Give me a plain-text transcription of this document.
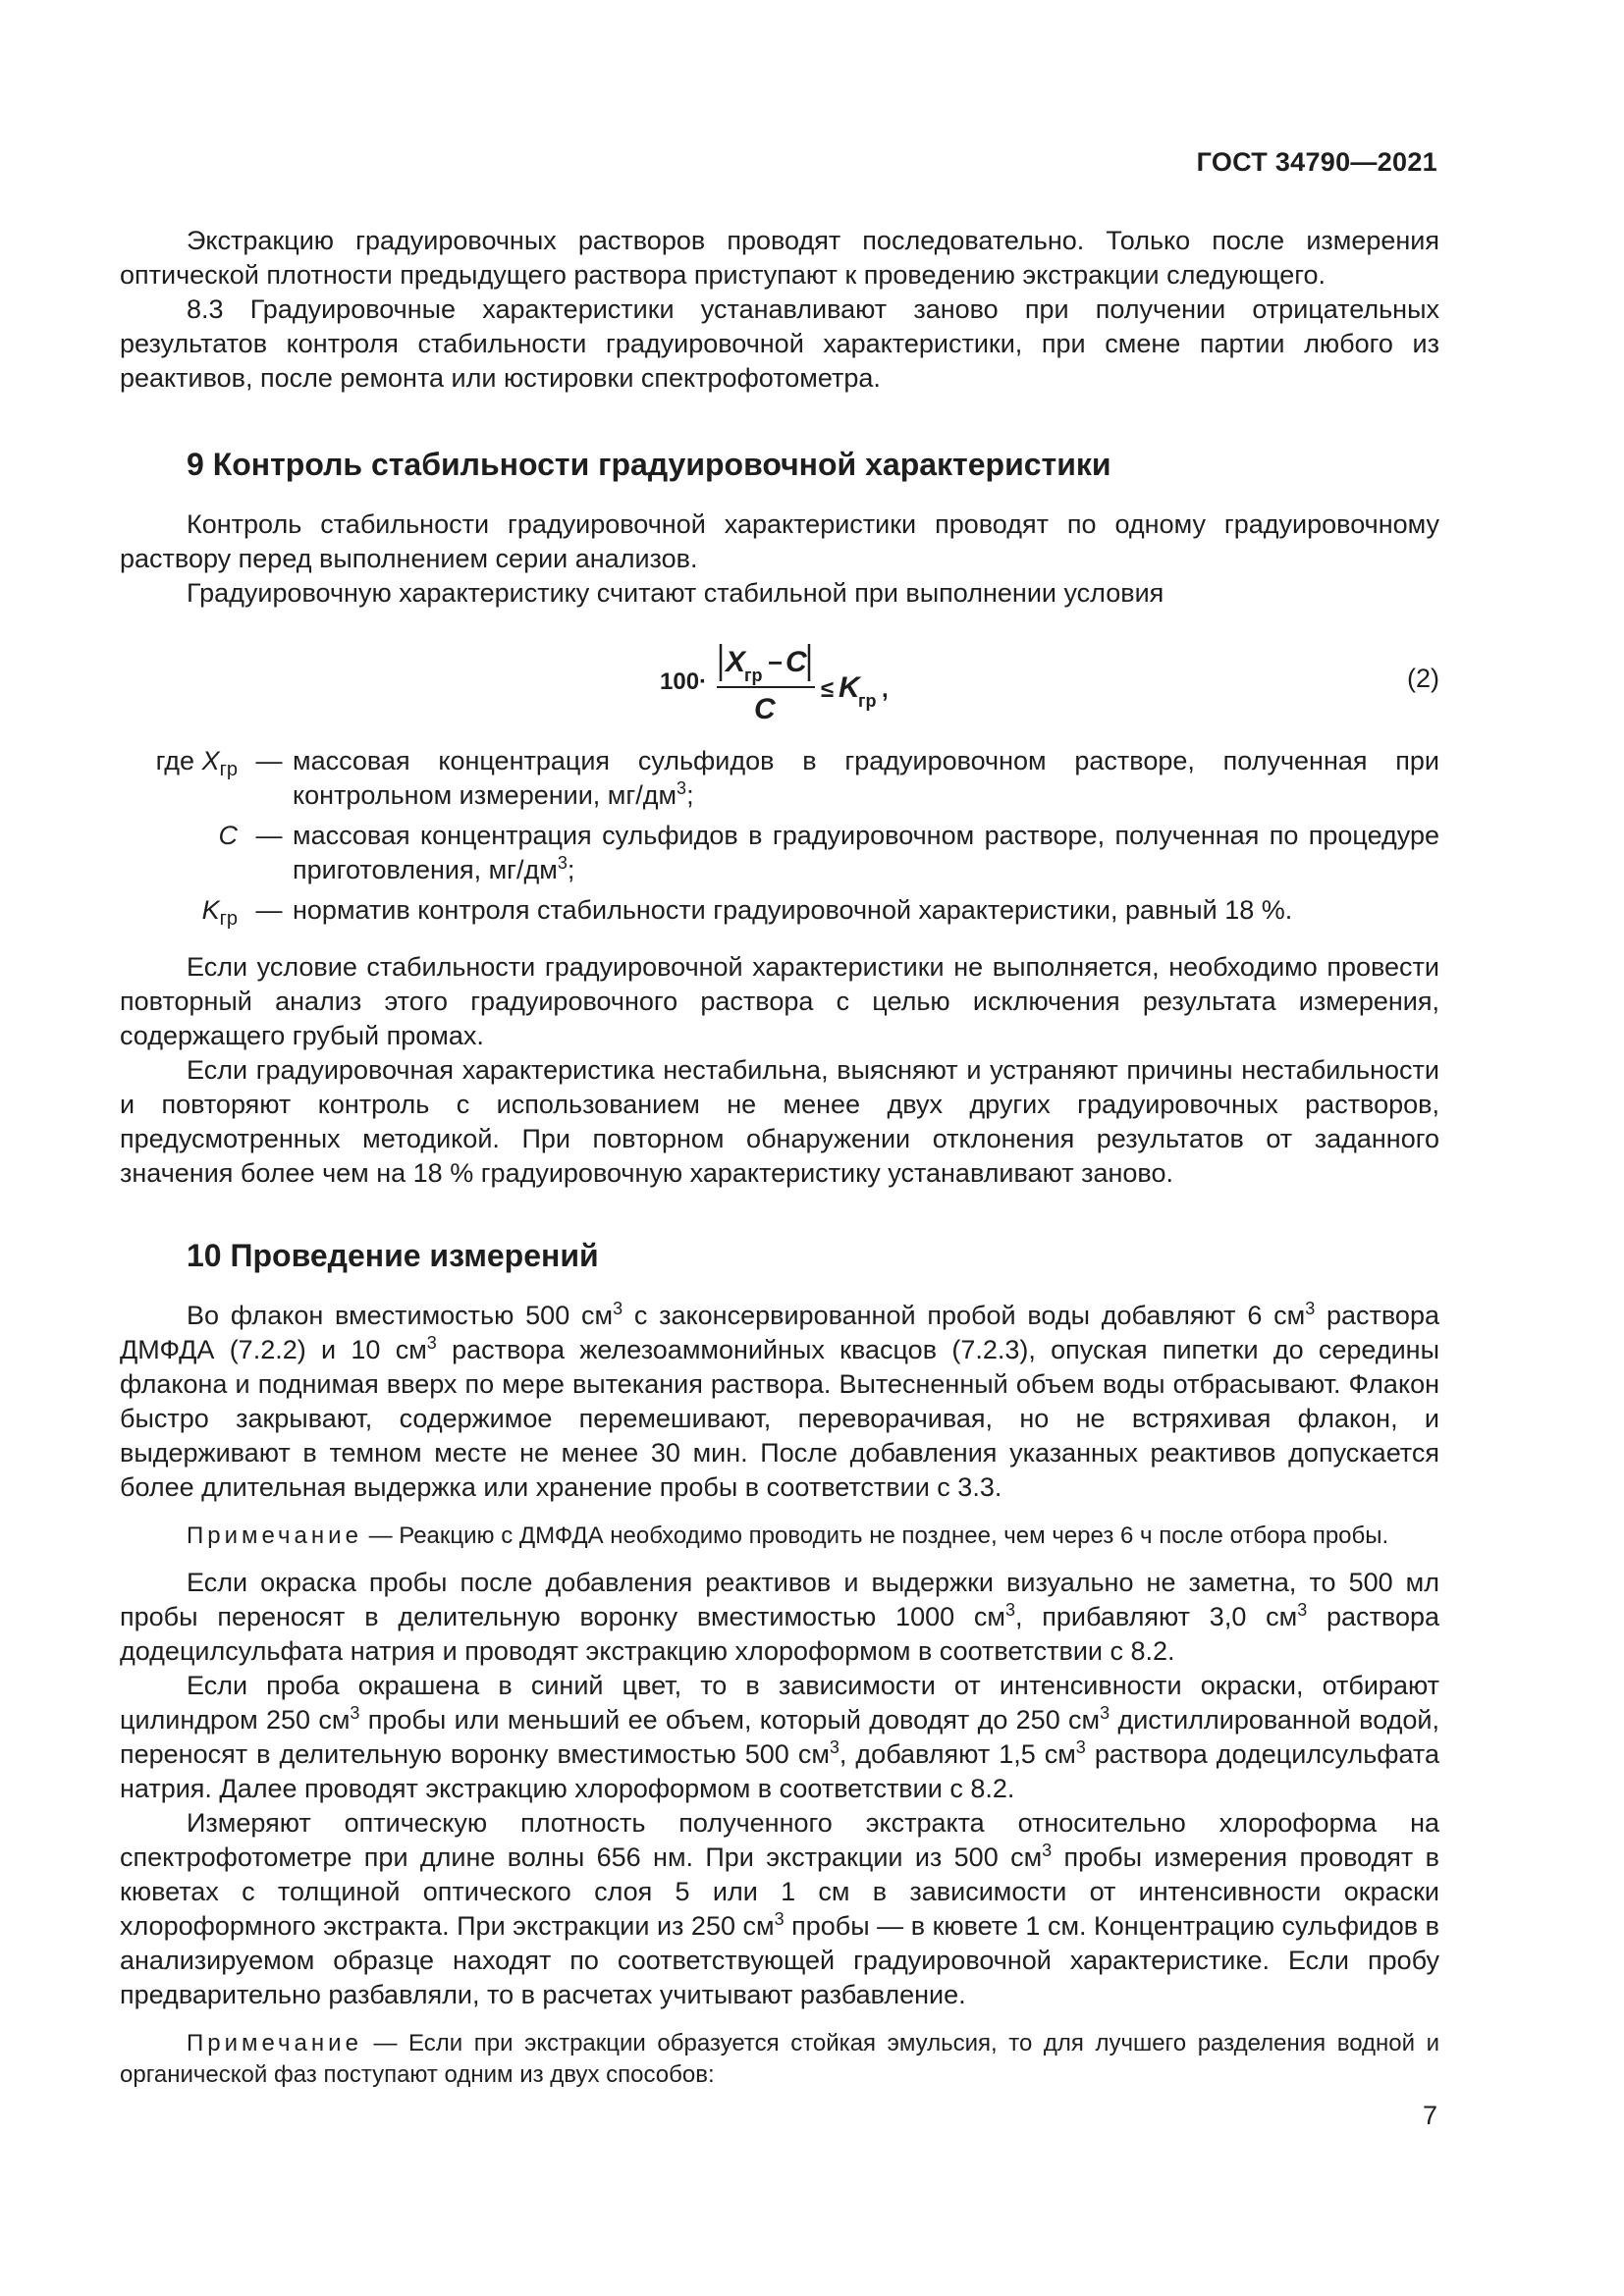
ГОСТ 34790—2021

Экстракцию градуировочных растворов проводят последовательно. Только после измерения оптической плотности предыдущего раствора приступают к проведению экстракции следующего.

8.3 Градуировочные характеристики устанавливают заново при получении отрицательных результатов контроля стабильности градуировочной характеристики, при смене партии любого из реактивов, после ремонта или юстировки спектрофотометра.

9 Контроль стабильности градуировочной характеристики

Контроль стабильности градуировочной характеристики проводят по одному градуировочному раствору перед выполнением серии анализов.

Градуировочную характеристику считают стабильной при выполнении условия

100·
X
гр − C
C
≤ K
гр ,	(2)
где $X_{гр}$ — массовая концентрация сульфидов в градуировочном растворе, полученная при контрольном измерении, $мг/дм^3$;
C — массовая концентрация сульфидов в градуировочном растворе, полученная по процедуре приготовления, $мг/дм^3$;
$K_{гр}$ — норматив контроля стабильности градуировочной характеристики, равный 18 %.

Если условие стабильности градуировочной характеристики не выполняется, необходимо провести повторный анализ этого градуировочного раствора с целью исключения результата измерения, содержащего грубый промах.

Если градуировочная характеристика нестабильна, выясняют и устраняют причины нестабильности и повторяют контроль с использованием не менее двух других градуировочных растворов, предусмотренных методикой. При повторном обнаружении отклонения результатов от заданного значения более чем на 18 % градуировочную характеристику устанавливают заново.

10 Проведение измерений

Во флакон вместимостью 500 $см^3$ с законсервированной пробой воды добавляют 6 $см^3$ раствора ДМФДА (7.2.2) и 10 $см^3$ раствора железоаммонийных квасцов (7.2.3), опуская пипетки до середины флакона и поднимая вверх по мере вытекания раствора. Вытесненный объем воды отбрасывают. Флакон быстро закрывают, содержимое перемешивают, переворачивая, но не встряхивая флакон, и выдерживают в темном месте не менее 30 мин. После добавления указанных реактивов допускается более длительная выдержка или хранение пробы в соответствии с 3.3.

Примечание — Реакцию с ДМФДА необходимо проводить не позднее, чем через 6 ч после отбора пробы.

Если окраска пробы после добавления реактивов и выдержки визуально не заметна, то 500 мл пробы переносят в делительную воронку вместимостью 1000 $см^3$, прибавляют 3,0 $см^3$ раствора додецилсульфата натрия и проводят экстракцию хлороформом в соответствии с 8.2.

Если проба окрашена в синий цвет, то в зависимости от интенсивности окраски, отбирают цилиндром 250 $см^3$ пробы или меньший ее объем, который доводят до 250 $см^3$ дистиллированной водой, переносят в делительную воронку вместимостью 500 $см^3$, добавляют 1,5 $см^3$ раствора додецилсульфата натрия. Далее проводят экстракцию хлороформом в соответствии с 8.2.

Измеряют оптическую плотность полученного экстракта относительно хлороформа на спектрофотометре при длине волны 656 нм. При экстракции из 500 $см^3$ пробы измерения проводят в кюветах с толщиной оптического слоя 5 или 1 см в зависимости от интенсивности окраски хлороформного экстракта. При экстракции из 250 $см^3$ пробы — в кювете 1 см. Концентрацию сульфидов в анализируемом образце находят по соответствующей градуировочной характеристике. Если пробу предварительно разбавляли, то в расчетах учитывают разбавление.

Примечание — Если при экстракции образуется стойкая эмульсия, то для лучшего разделения водной и органической фаз поступают одним из двух способов:

7
